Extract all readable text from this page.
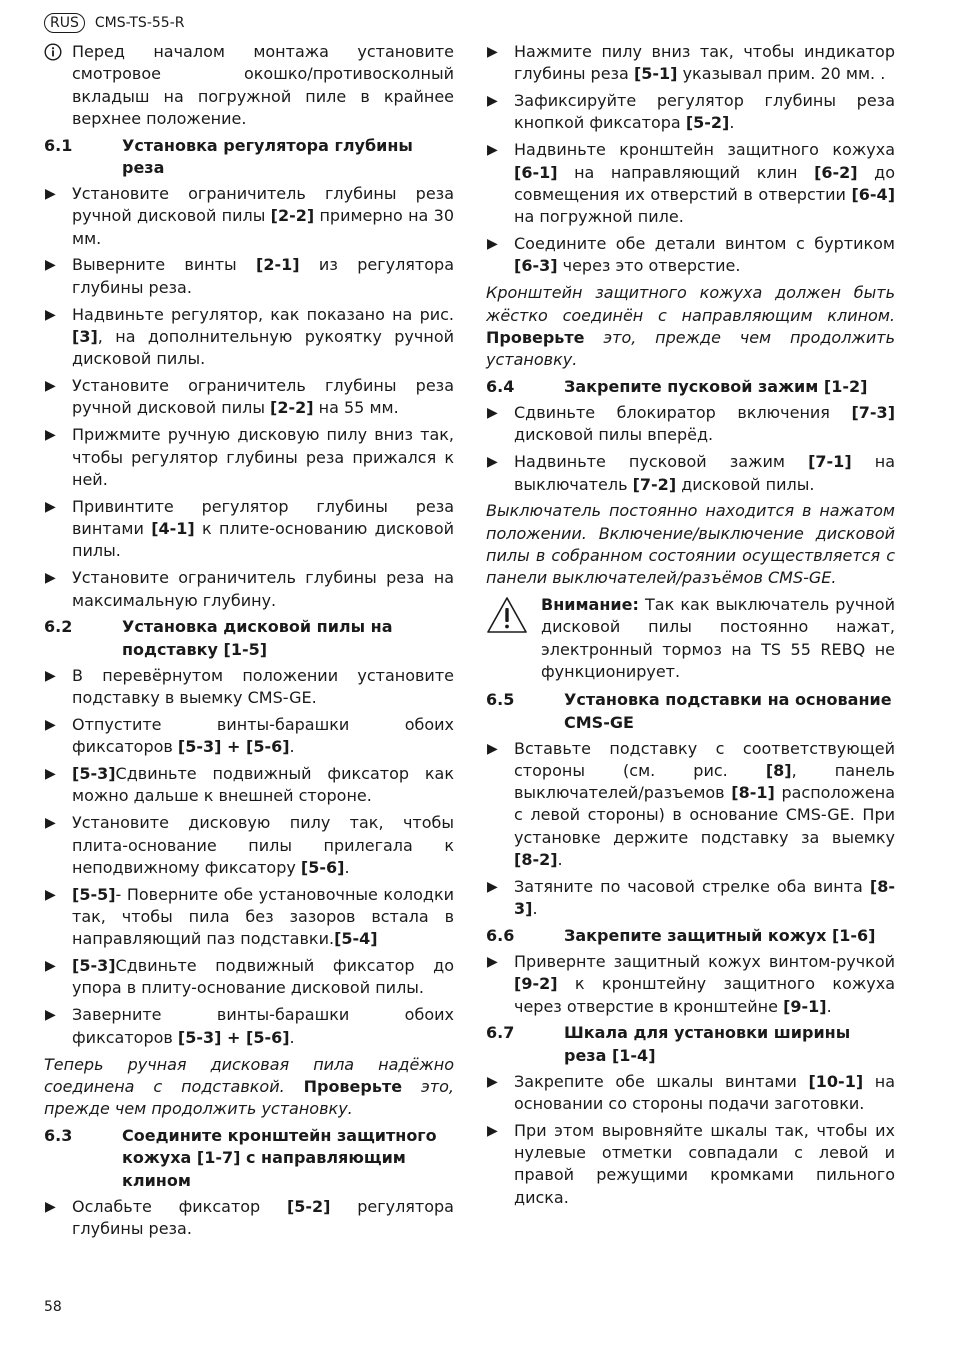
RUS	CMS-TS-55-R
Перед началом монтажа установите смотровое окошко/противосколный вкладыш на погружной пиле в крайнее верхнее положение.
6.1	Установка регулятора глубины реза
▶ Установите ограничитель глубины реза ручной дисковой пилы [2-2] примерно на 30 мм.
▶ Выверните винты [2-1] из регулятора глубины реза.
▶ Надвиньте регулятор, как показано на рис. [3], на дополнительную рукоятку ручной дисковой пилы.
▶ Установите ограничитель глубины реза ручной дисковой пилы [2-2] на 55 мм.
▶ Прижмите ручную дисковую пилу вниз так, чтобы регулятор глубины реза прижался к ней.
▶ Привинтите регулятор глубины реза винтами [4-1] к плите-основанию дисковой пилы.
▶ Установите ограничитель глубины реза на максимальную глубину.
6.2	Установка дисковой пилы на подставку [1-5]
▶ В перевёрнутом положении установите подставку в выемку CMS-GE.
▶ Отпустите винты-барашки обоих фиксаторов [5-3] + [5-6].
▶ [5-3]Сдвиньте подвижный фиксатор как можно дальше к внешней стороне.
▶ Установите дисковую пилу так, чтобы плита-основание пилы прилегала к неподвижному фиксатору [5-6].
▶ [5-5]- Поверните обе установочные колодки так, чтобы пила без зазоров встала в направляющий паз подставки.[5-4]
▶ [5-3]Сдвиньте подвижный фиксатор до упора в плиту-основание дисковой пилы.
▶ Заверните винты-барашки обоих фиксаторов [5-3] + [5-6].
Теперь ручная дисковая пила надёжно соединена с подставкой. Проверьте это, прежде чем продолжить установку.
6.3	Соедините кронштейн защитного кожуха [1-7] с направляющим клином
▶ Ослабьте фиксатор [5-2] регулятора глубины реза.
▶ Нажмите пилу вниз так, чтобы индикатор глубины реза [5-1] указывал прим. 20 мм. .
▶ Зафиксируйте регулятор глубины реза кнопкой фиксатора [5-2].
▶ Надвиньте кронштейн защитного кожуха [6-1] на направляющий клин [6-2] до совмещения их отверстий в отверстии [6-4] на погружной пиле.
▶ Соедините обе детали винтом с буртиком [6-3] через это отверстие.
Кронштейн защитного кожуха должен быть жёстко соединён с направляющим клином. Проверьте это, прежде чем продолжить установку.
6.4	Закрепите пусковой зажим [1-2]
▶ Сдвиньте блокиратор включения [7-3] дисковой пилы вперёд.
▶ Надвиньте пусковой зажим [7-1] на выключатель [7-2] дисковой пилы.
Выключатель постоянно находится в нажатом положении. Включение/выключение дисковой пилы в собранном состоянии осуществляется с панели выключателей/разъёмов CMS-GE.
Внимание: Так как выключатель ручной дисковой пилы постоянно нажат, электронный тормоз на TS 55 REBQ не функционирует.
6.5	Установка подставки на основание CMS-GE
▶ Вставьте подставку с соответствующей стороны (см. рис. [8], панель выключателей/разъемов [8-1] расположена с левой стороны) в основание CMS-GE. При установке держите подставку за выемку [8-2].
▶ Затяните по часовой стрелке оба винта [8-3].
6.6	Закрепите защитный кожух [1-6]
▶ Привернте защитный кожух винтом-ручкой [9-2] к кронштейну защитного кожуха через отверстие в кронштейне [9-1].
6.7	Шкала для установки ширины реза [1-4]
▶ Закрепите обе шкалы винтами [10-1] на основании со стороны подачи заготовки.
▶ При этом выровняйте шкалы так, чтобы их нулевые отметки совпадали с левой и правой режущими кромками пильного диска.
58
